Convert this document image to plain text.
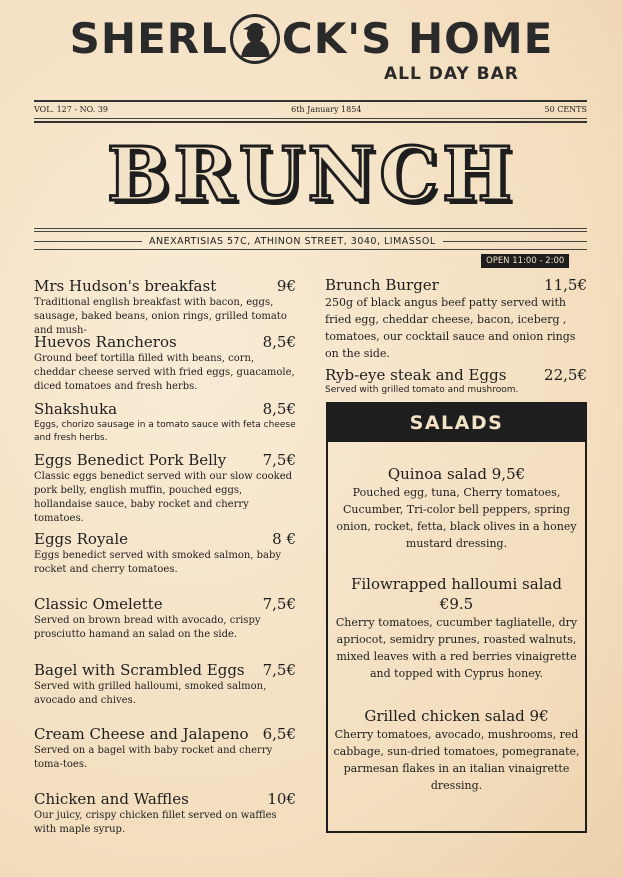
SHERL CK'S HOME
ALL DAY BAR
VOL. 127 - NO. 39	6th January 1854	50 CENTS
BRUNCH
ANEXARTISIAS 57C, ATHINON STREET, 3040, LIMASSOL
OPEN 11:00 - 2:00
Mrs Hudson's breakfast	9€
Traditional english breakfast with bacon, eggs, sausage, baked beans, onion rings, grilled tomato and mush-
Huevos Rancheros	8,5€
Ground beef tortilla filled with beans, corn, cheddar cheese served with fried eggs, guacamole, diced tomatoes and fresh herbs.
Shakshuka	8,5€
Eggs, chorizo sausage in a tomato sauce with feta cheese and fresh herbs.
Eggs Benedict Pork Belly 7,5€
Classic eggs benedict served with our slow cooked pork belly, english muffin, pouched eggs, hollandaise sauce, baby rocket and cherry tomatoes.
Eggs Royale	8 €
Eggs benedict served with smoked salmon, baby rocket and cherry tomatoes.
Classic Omelette	7,5€
Served on brown bread with avocado, crispy prosciutto hamand an salad on the side.
Bagel with Scrambled Eggs 7,5€
Served with grilled halloumi, smoked salmon, avocado and chives.
Cream Cheese and Jalapeno 6,5€
Served on a bagel with baby rocket and cherry toma-toes.
Chicken and Waffles	10€
Our juicy, crispy chicken fillet served on waffles with maple syrup.
Brunch Burger	11,5€
250g of black angus beef patty served with fried egg, cheddar cheese, bacon, iceberg , tomatoes, our cocktail sauce and onion rings on the side.
Ryb-eye steak and Eggs	22,5€
Served with grilled tomato and mushroom.
SALADS
Quinoa salad 9,5€
Pouched egg, tuna, Cherry tomatoes, Cucumber, Tri-color bell peppers, spring onion, rocket, fetta, black olives in a honey mustard dressing.
Filowrapped halloumi salad €9.5
Cherry tomatoes, cucumber tagliatelle, dry apriocot, semidry prunes, roasted walnuts, mixed leaves with a red berries vinaigrette and topped with Cyprus honey.
Grilled chicken salad 9€
Cherry tomatoes, avocado, mushrooms, red cabbage, sun-dried tomatoes, pomegranate, parmesan flakes in an italian vinaigrette dressing.
